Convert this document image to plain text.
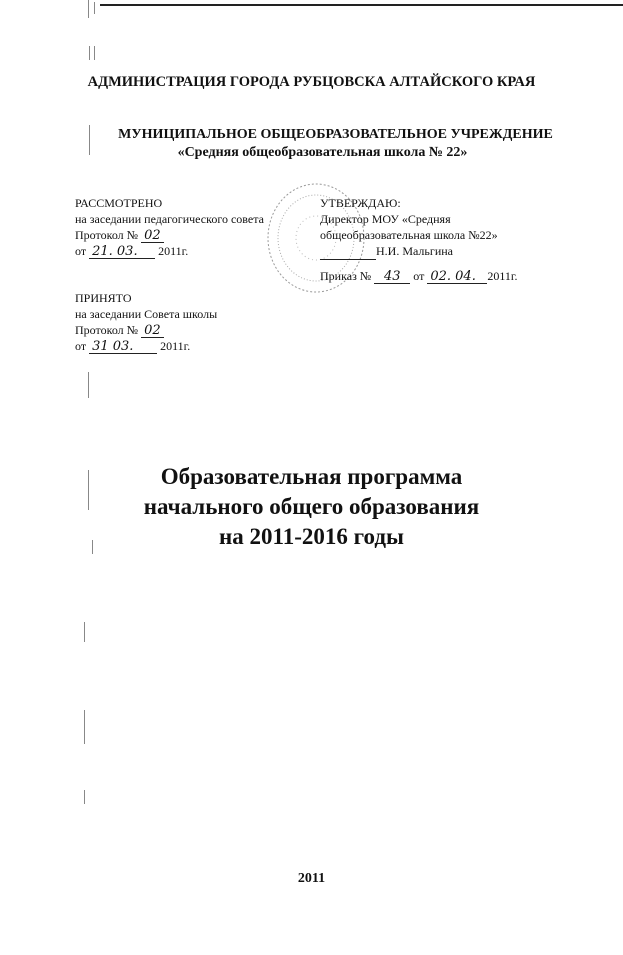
АДМИНИСТРАЦИЯ ГОРОДА РУБЦОВСКА АЛТАЙСКОГО КРАЯ
МУНИЦИПАЛЬНОЕ ОБЩЕОБРАЗОВАТЕЛЬНОЕ УЧРЕЖДЕНИЕ
«Средняя общеобразовательная школа № 22»
РАССМОТРЕНО
на заседании педагогического совета
Протокол № 02
от 21. 03. 2011г.
УТВЕРЖДАЮ:
Директор МОУ «Средняя
общеобразовательная школа №22»
Н.И. Мальгина
Приказ № 43 от 02. 04. 2011г.
ПРИНЯТО
на заседании Совета школы
Протокол № 02
от 31 03. 2011г.
Образовательная программа
начального общего образования
на 2011-2016 годы
2011
